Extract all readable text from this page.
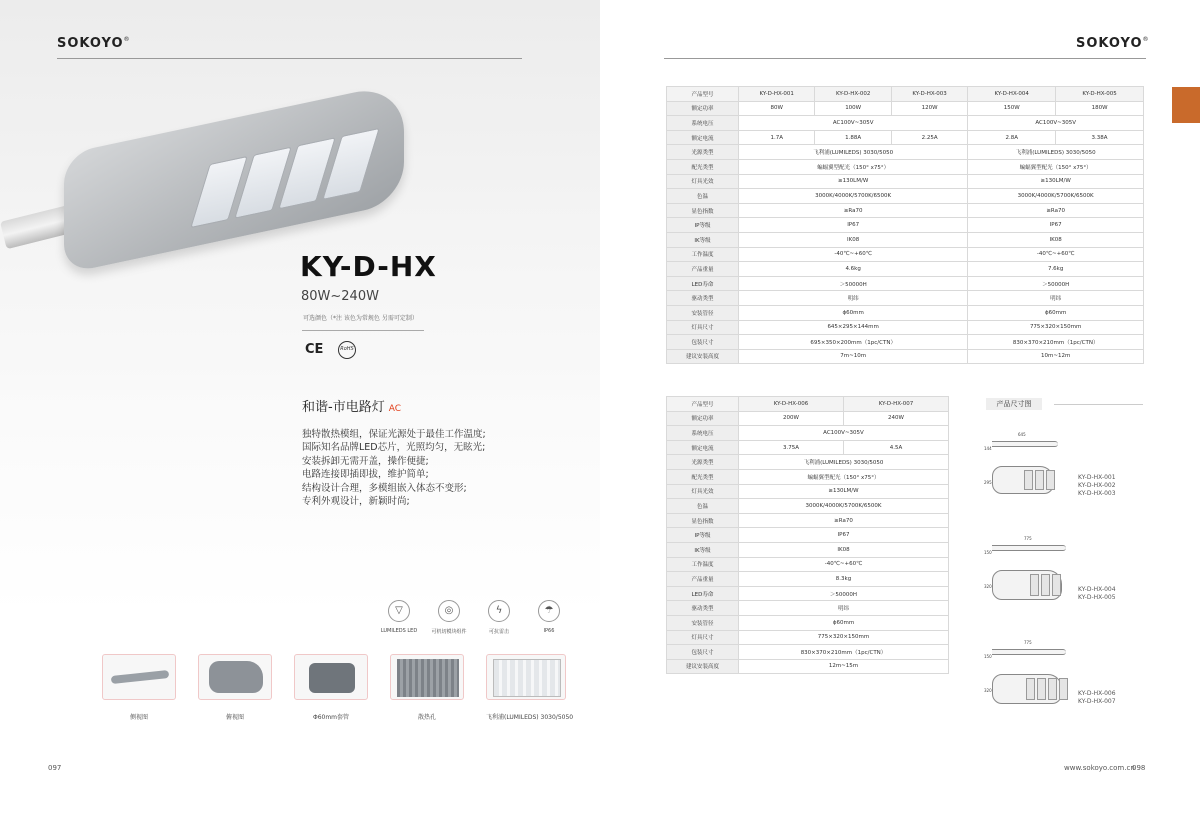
SOKOYO®
KY-D-HX
80W~240W
可选颜色（*注 该色为常规色 另需可定制）
CE	RoHS
和谐-市电路灯 AC
独特散热模组，保证光源处于最佳工作温度;
国际知名品牌LED芯片，光照均匀，无眩光;
安装拆卸无需开盖，操作便捷;
电路连接即插即拔，维护简单;
结构设计合理，多模组嵌入体态不变形;
专利外观设计，新颖时尚;
▽
LUMILEDS LED
◎
可机切模块组件
ϟ
可抗雷击
☂
IP66
侧视图	俯视图	Φ60mm套管	散热孔	飞利浦(LUMILEDS) 3030/5050
097
SOKOYO®
产品型号	KY-D-HX-001	KY-D-HX-002	KY-D-HX-003	KY-D-HX-004	KY-D-HX-005
额定功率	80W	100W	120W	150W	180W
系统电压	AC100V~305V			AC100V~305V	
额定电流	1.7A	1.88A	2.25A	2.8A	3.38A
光源类型	飞利浦(LUMILEDS) 3030/5050			飞利浦(LUMILEDS) 3030/5050	
配光类型	蝙蝠翼型配光（150° x75°）			蝙蝠翼型配光（150° x75°）	
灯具光效	≥130LM/W			≥130LM/W	
色温	3000K/4000K/5700K/6500K			3000K/4000K/5700K/6500K	
显色指数	≥Ra70			≥Ra70	
IP等级	IP67			IP67	
IK等级	IK08			IK08	
工作温度	-40℃~+60℃			-40℃~+60℃	
产品重量	4.6kg			7.6kg	
LED寿命	＞50000H			＞50000H	
驱动类型	明纬			明纬	
安装管径	ϕ60mm			ϕ60mm	
灯具尺寸	645×295×144mm			775×320×150mm	
包装尺寸	695×350×200mm（1pc/CTN）			830×370×210mm（1pc/CTN）	
建议安装高度	7m~10m			10m~12m	
产品型号	KY-D-HX-006	KY-D-HX-007
额定功率	200W	240W
系统电压	AC100V~305V	
额定电流	3.75A	4.5A
光源类型	飞利浦(LUMILEDS) 3030/5050	
配光类型	蝙蝠翼型配光（150° x75°）	
灯具光效	≥130LM/W	
色温	3000K/4000K/5700K/6500K	
显色指数	≥Ra70	
IP等级	IP67	
IK等级	IK08	
工作温度	-40℃~+60℃	
产品重量	8.3kg	
LED寿命	＞50000H	
驱动类型	明纬	
安装管径	ϕ60mm	
灯具尺寸	775×320×150mm	
包装尺寸	830×370×210mm（1pc/CTN）	
建议安装高度	12m~15m	
产品尺寸图
645
144
295
KY-D-HX-001
KY-D-HX-002
KY-D-HX-003
775
150
320	KY-D-HX-004
KY-D-HX-005
775
150
320	KY-D-HX-006
KY-D-HX-007
www.sokoyo.com.cn
098
